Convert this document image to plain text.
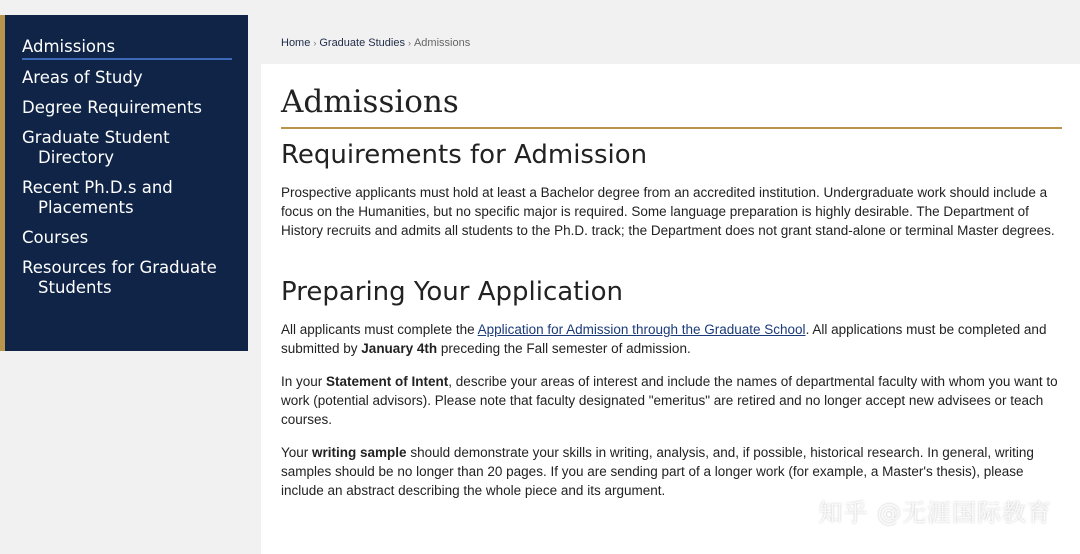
Admissions
Areas of Study
Degree Requirements
Graduate Student Directory
Recent Ph.D.s and Placements
Courses
Resources for Graduate Students
Home › Graduate Studies › Admissions
Admissions
Requirements for Admission

Prospective applicants must hold at least a Bachelor degree from an accredited institution. Undergraduate work should include a focus on the Humanities, but no specific major is required. Some language preparation is highly desirable. The Department of History recruits and admits all students to the Ph.D. track; the Department does not grant stand-alone or terminal Master degrees.

Preparing Your Application

All applicants must complete the Application for Admission through the Graduate School. All applications must be completed and submitted by January 4th preceding the Fall semester of admission.

In your Statement of Intent, describe your areas of interest and include the names of departmental faculty with whom you want to work (potential advisors). Please note that faculty designated "emeritus" are retired and no longer accept new advisees or teach courses.

Your writing sample should demonstrate your skills in writing, analysis, and, if possible, historical research. In general, writing samples should be no longer than 20 pages. If you are sending part of a longer work (for example, a Master's thesis), please include an abstract describing the whole piece and its argument.

知乎 @无涯国际教育
